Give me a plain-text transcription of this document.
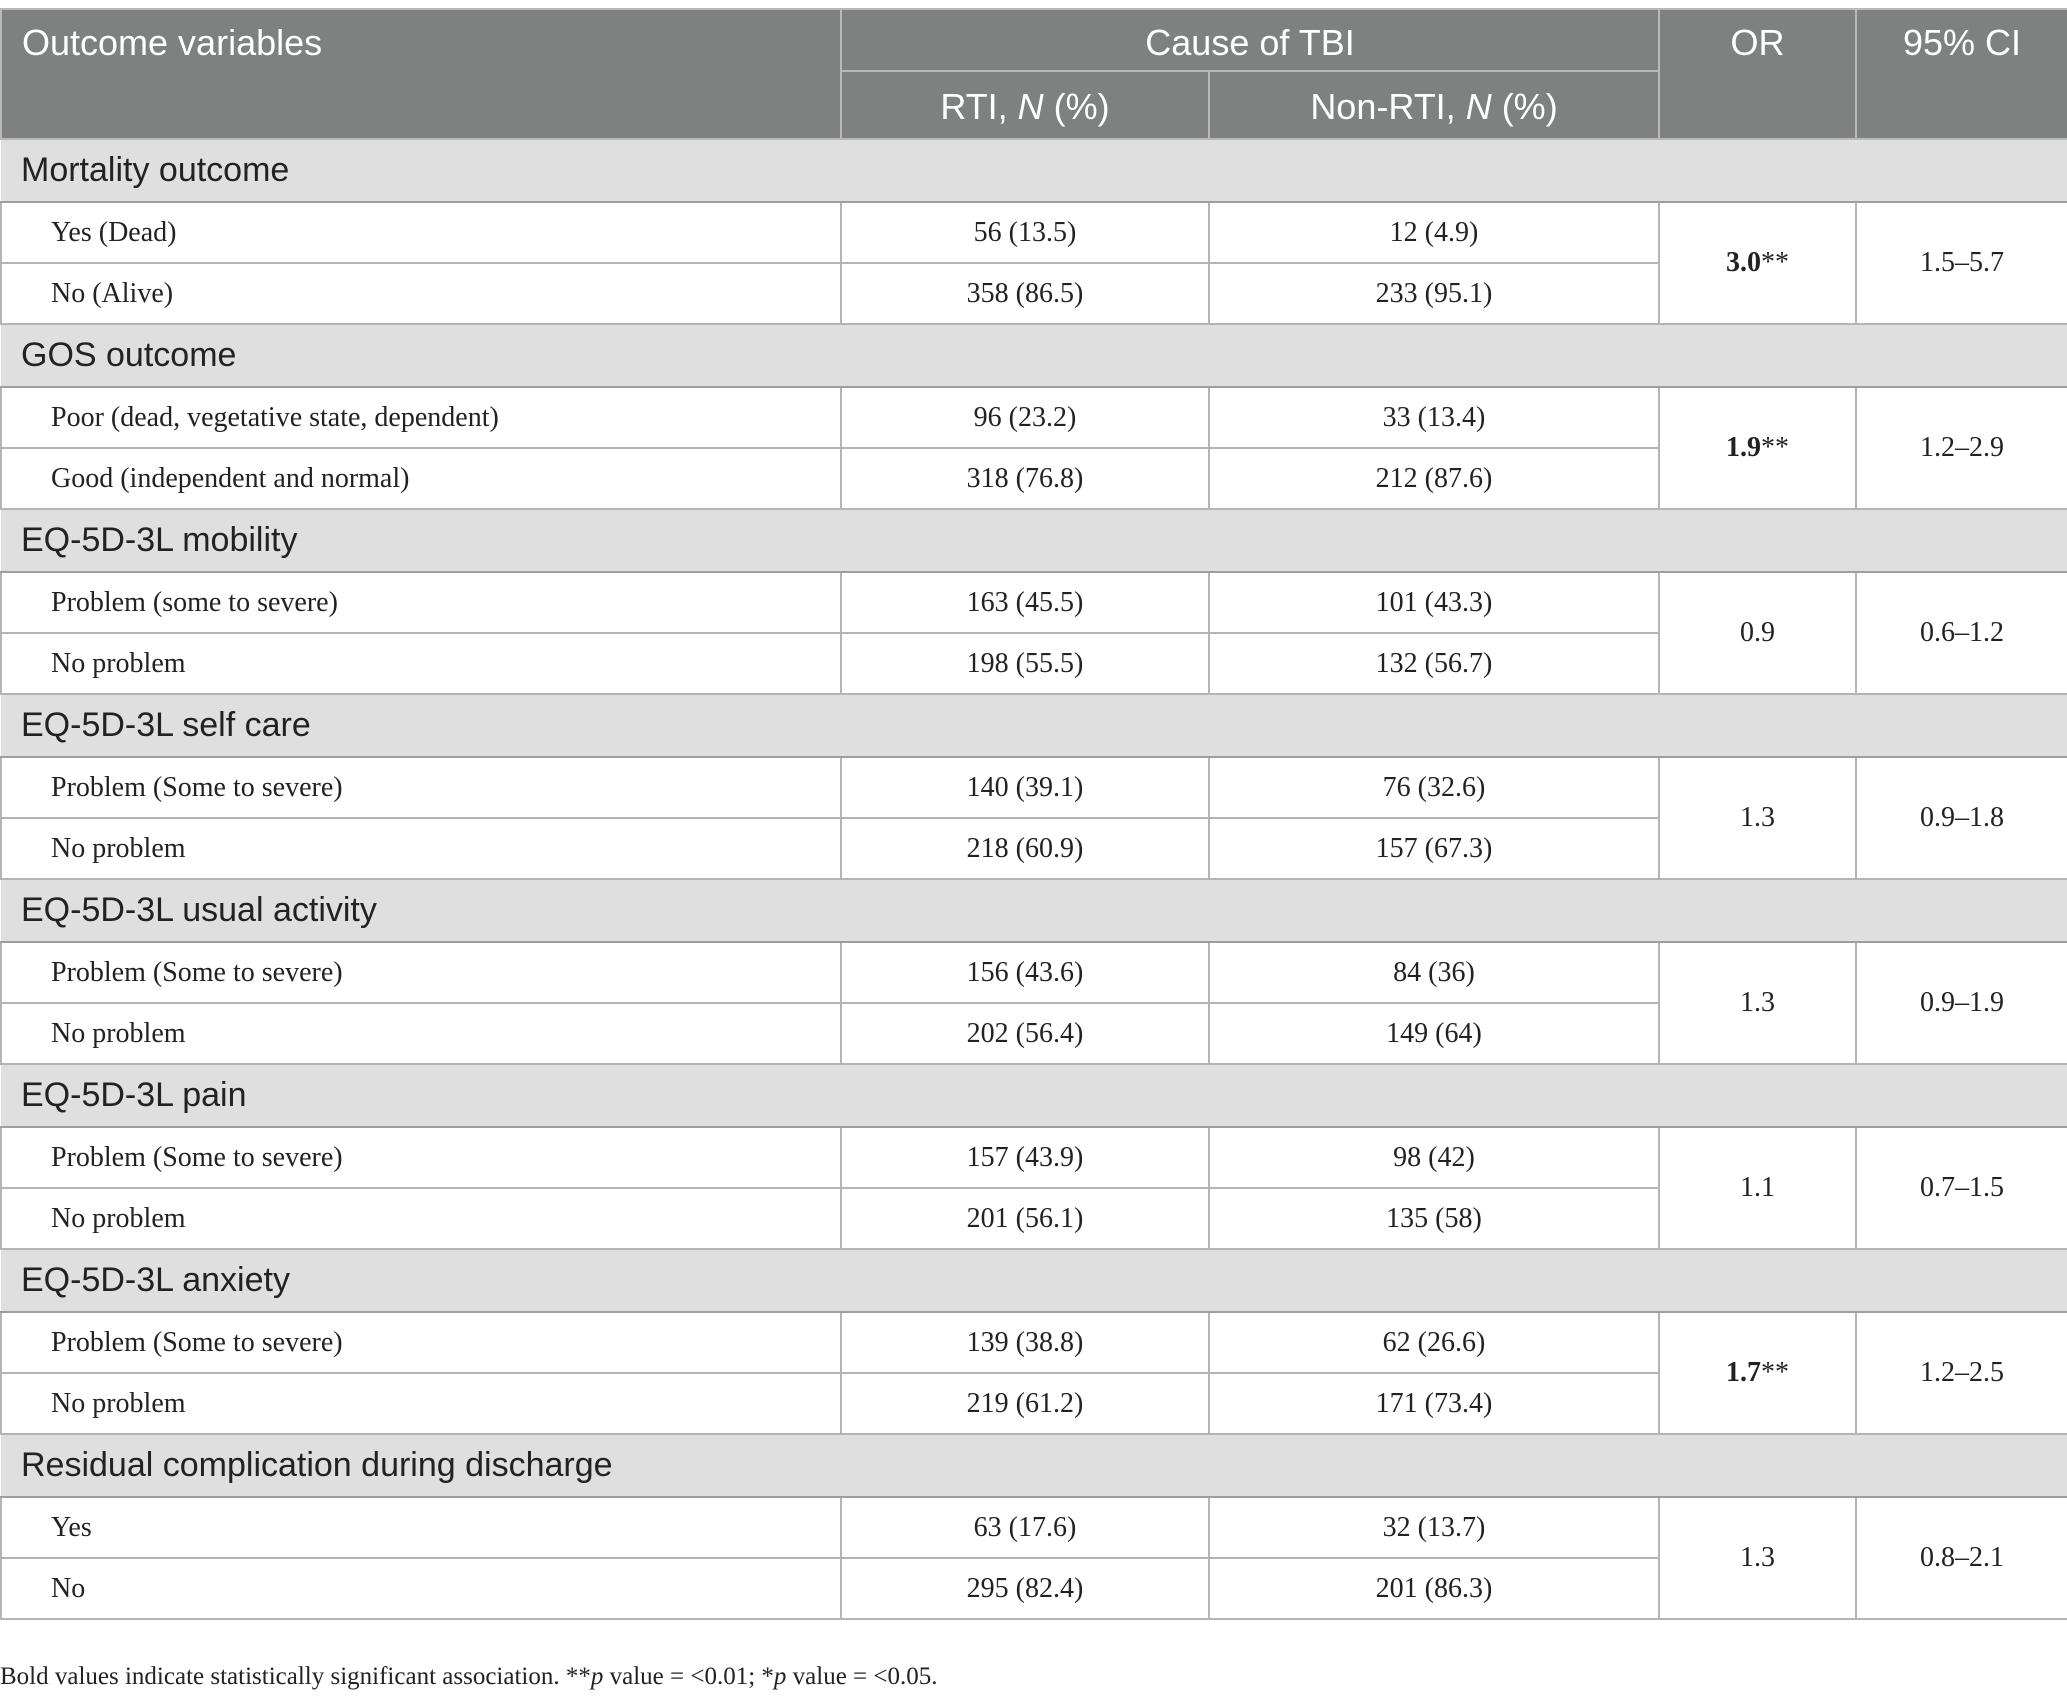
Outcome variables	Cause of TBI		OR	95% CI
	RTI, N (%)	Non-RTI, N (%)		
Mortality outcome				
Yes (Dead)	56 (13.5)	12 (4.9)	3.0**	1.5–5.7
No (Alive)	358 (86.5)	233 (95.1)		
GOS outcome				
Poor (dead, vegetative state, dependent)	96 (23.2)	33 (13.4)	1.9**	1.2–2.9
Good (independent and normal)	318 (76.8)	212 (87.6)		
EQ-5D-3L mobility				
Problem (some to severe)	163 (45.5)	101 (43.3)	0.9	0.6–1.2
No problem	198 (55.5)	132 (56.7)		
EQ-5D-3L self care				
Problem (Some to severe)	140 (39.1)	76 (32.6)	1.3	0.9–1.8
No problem	218 (60.9)	157 (67.3)		
EQ-5D-3L usual activity				
Problem (Some to severe)	156 (43.6)	84 (36)	1.3	0.9–1.9
No problem	202 (56.4)	149 (64)		
EQ-5D-3L pain				
Problem (Some to severe)	157 (43.9)	98 (42)	1.1	0.7–1.5
No problem	201 (56.1)	135 (58)		
EQ-5D-3L anxiety				
Problem (Some to severe)	139 (38.8)	62 (26.6)	1.7**	1.2–2.5
No problem	219 (61.2)	171 (73.4)		
Residual complication during discharge				
Yes	63 (17.6)	32 (13.7)	1.3	0.8–2.1
No	295 (82.4)	201 (86.3)		
Bold values indicate statistically significant association. **p value = <0.01; *p value = <0.05.
